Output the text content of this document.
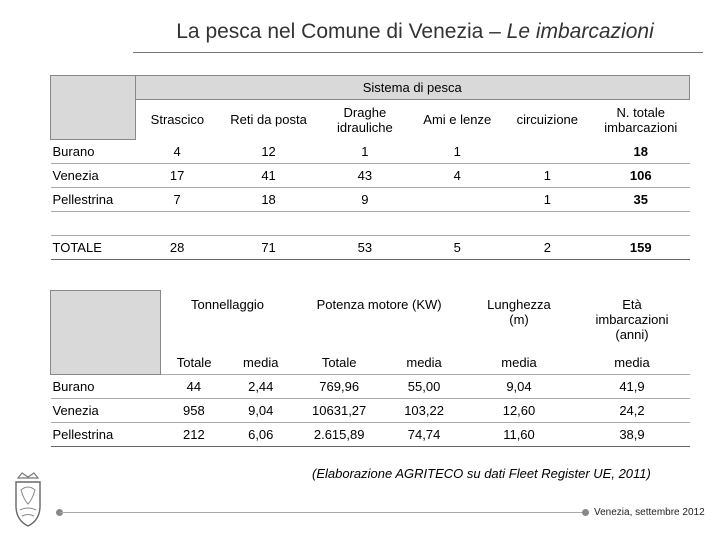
La pesca nel Comune di Venezia – Le imbarcazioni
	Sistema di pesca					
	Strascico	Reti da posta	Draghe idrauliche	Ami e lenze	circuizione	N. totale imbarcazioni
Burano	4	12	1	1		18
Venezia	17	41	43	4	1	106
Pellestrina	7	18	9		1	35

TOTALE	28	71	53	5	2	159
	Tonnellaggio		Potenza motore (KW)		Lunghezza (m)	Età imbarcazioni (anni)
	Totale	media	Totale	media	media	media
Burano	44	2,44	769,96	55,00	9,04	41,9
Venezia	958	9,04	10631,27	103,22	12,60	24,2
Pellestrina	212	6,06	2.615,89	74,74	11,60	38,9
(Elaborazione AGRITECO su dati Fleet Register UE, 2011)
Venezia, settembre 2012
